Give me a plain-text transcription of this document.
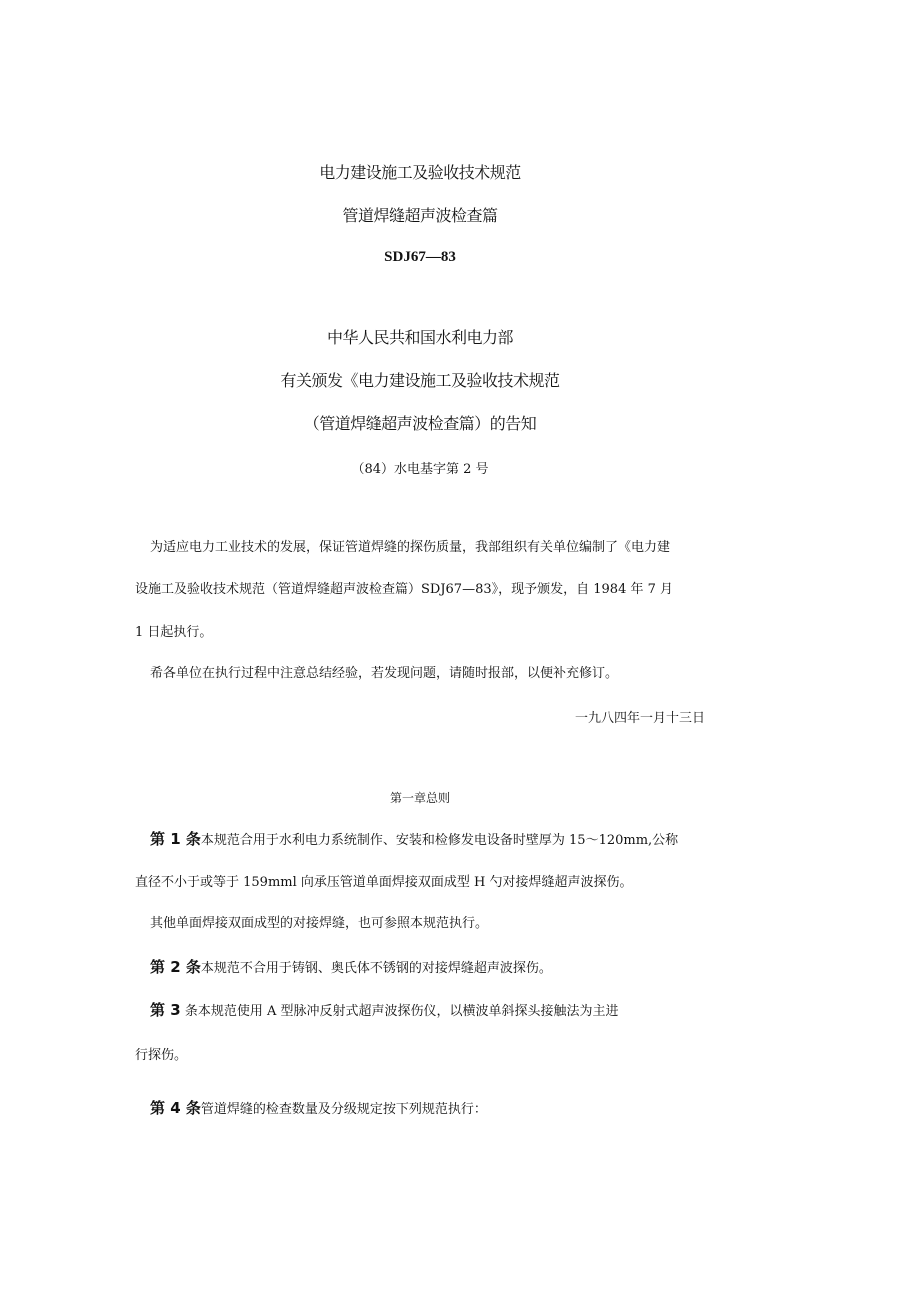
电力建设施工及验收技术规范
管道焊缝超声波检查篇
SDJ67—83
中华人民共和国水利电力部
有关颁发《电力建设施工及验收技术规范
（管道焊缝超声波检查篇）的告知
（84）水电基字第 2 号
为适应电力工业技术的发展，保证管道焊缝的探伤质量，我部组织有关单位编制了《电力建
设施工及验收技术规范（管道焊缝超声波检查篇）SDJ67—83》，现予颁发，自 1984 年 7 月
1 日起执行。
希各单位在执行过程中注意总结经验，若发现问题，请随时报部，以便补充修订。
一九八四年一月十三日
第一章总则
第 1 条本规范合用于水利电力系统制作、安装和检修发电设备时壁厚为 15～120mm,公称
直径不小于或等于 159mml 向承压管道单面焊接双面成型 H 勺对接焊缝超声波探伤。
其他单面焊接双面成型的对接焊缝，也可参照本规范执行。
第 2 条本规范不合用于铸钢、奥氏体不锈钢的对接焊缝超声波探伤。
第 3 条本规范使用 A 型脉冲反射式超声波探伤仪，以横波单斜探头接触法为主进
行探伤。
第 4 条管道焊缝的检查数量及分级规定按下列规范执行：
